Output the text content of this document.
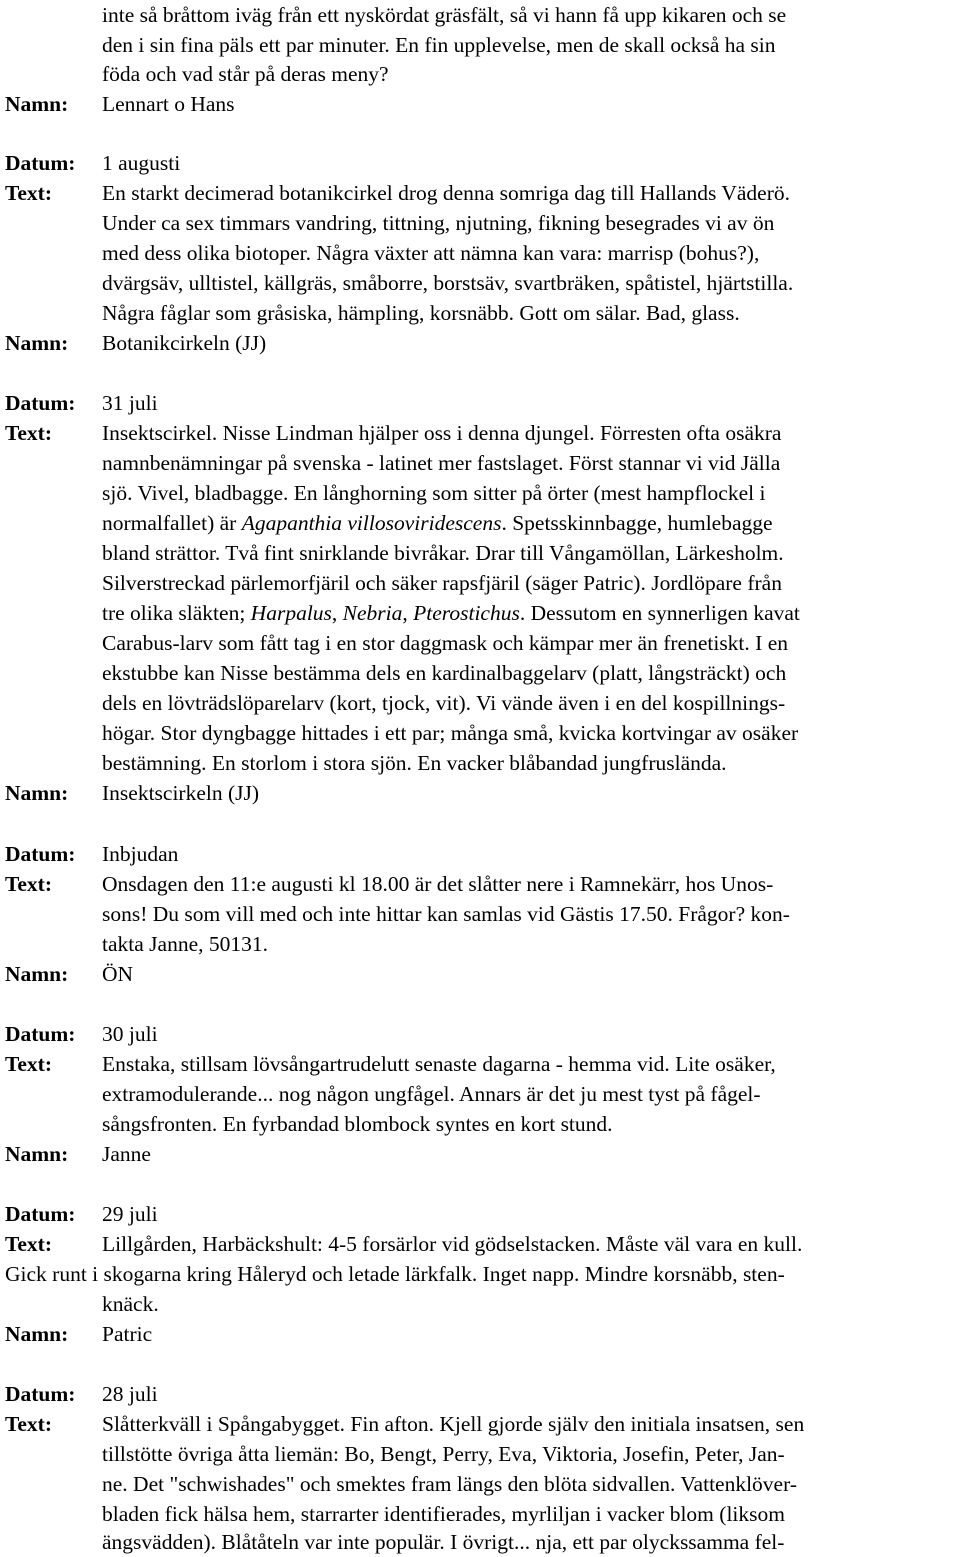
inte så bråttom iväg från ett nyskördat gräsfält, så vi hann få upp kikaren och se
den i sin fina päls ett par minuter. En fin upplevelse, men de skall också ha sin
föda och vad står på deras meny?
Namn: Lennart o Hans
Datum: 1 augusti
Text: En starkt decimerad botanikcirkel drog denna somriga dag till Hallands Väderö.
Under ca sex timmars vandring, tittning, njutning, fikning besegrades vi av ön
med dess olika biotoper. Några växter att nämna kan vara: marrisp (bohus?),
dvärgsäv, ulltistel, källgräs, småborre, borstsäv, svartbräken, spåtistel, hjärtstilla.
Några fåglar som gråsiska, hämpling, korsnäbb. Gott om sälar. Bad, glass.
Namn: Botanikcirkeln (JJ)
Datum: 31 juli
Text: Insektscirkel. Nisse Lindman hjälper oss i denna djungel. Förresten ofta osäkra
namnbenämningar på svenska - latinet mer fastslaget. Först stannar vi vid Jälla
sjö. Vivel, bladbagge. En långhorning som sitter på örter (mest hampflockel i
normalfallet) är Agapanthia villosoviridescens. Spetsskinnbagge, humlebagge
bland strättor. Två fint snirklande bivråkar. Drar till Vångamöllan, Lärkesholm.
Silverstreckad pärlemorfjäril och säker rapsfjäril (säger Patric). Jordlöpare från
tre olika släkten; Harpalus, Nebria, Pterostichus. Dessutom en synnerligen kavat
Carabus-larv som fått tag i en stor daggmask och kämpar mer än frenetiskt. I en
ekstubbe kan Nisse bestämma dels en kardinalbaggelarv (platt, långsträckt) och
dels en lövträdslöparelarv (kort, tjock, vit). Vi vände även i en del kospillnings-
högar. Stor dyngbagge hittades i ett par; många små, kvicka kortvingar av osäker
bestämning. En storlom i stora sjön. En vacker blåbandad jungfrusländа.
Namn: Insektscirkeln (JJ)
Datum: Inbjudan
Text: Onsdagen den 11:e augusti kl 18.00 är det slåtter nere i Ramnekärr, hos Unos-
sons! Du som vill med och inte hittar kan samlas vid Gästis 17.50. Frågor? kon-
takta Janne, 50131.
Namn: ÖN
Datum: 30 juli
Text: Enstaka, stillsam lövsångartrudelutt senaste dagarna - hemma vid. Lite osäker,
extramodulerande... nog någon ungfågel. Annars är det ju mest tyst på fågel-
sångsfronten. En fyrbandad blombock syntes en kort stund.
Namn: Janne
Datum: 29 juli
Text: Lillgården, Harbäckshult: 4-5 forsärlor vid gödselstacken. Måste väl vara en kull.
Gick runt i skogarna kring Håleryd och letade lärkfalk. Inget napp. Mindre korsnäbb, sten-
knäck.
Namn: Patric
Datum: 28 juli
Text: Slåtterkväll i Spångabygget. Fin afton. Kjell gjorde själv den initiala insatsen, sen
tillstötte övriga åtta liemän: Bo, Bengt, Perry, Eva, Viktoria, Josefin, Peter, Jan-
ne. Det "schwishades" och smektes fram längs den blöta sidvallen. Vattenklöver-
bladen fick hälsa hem, starrarter identifierades, myrliljan i vacker blom (liksom
ängsvädden). Blåtåteln var inte populär. I övrigt... nja, ett par olyckssamma fel-
